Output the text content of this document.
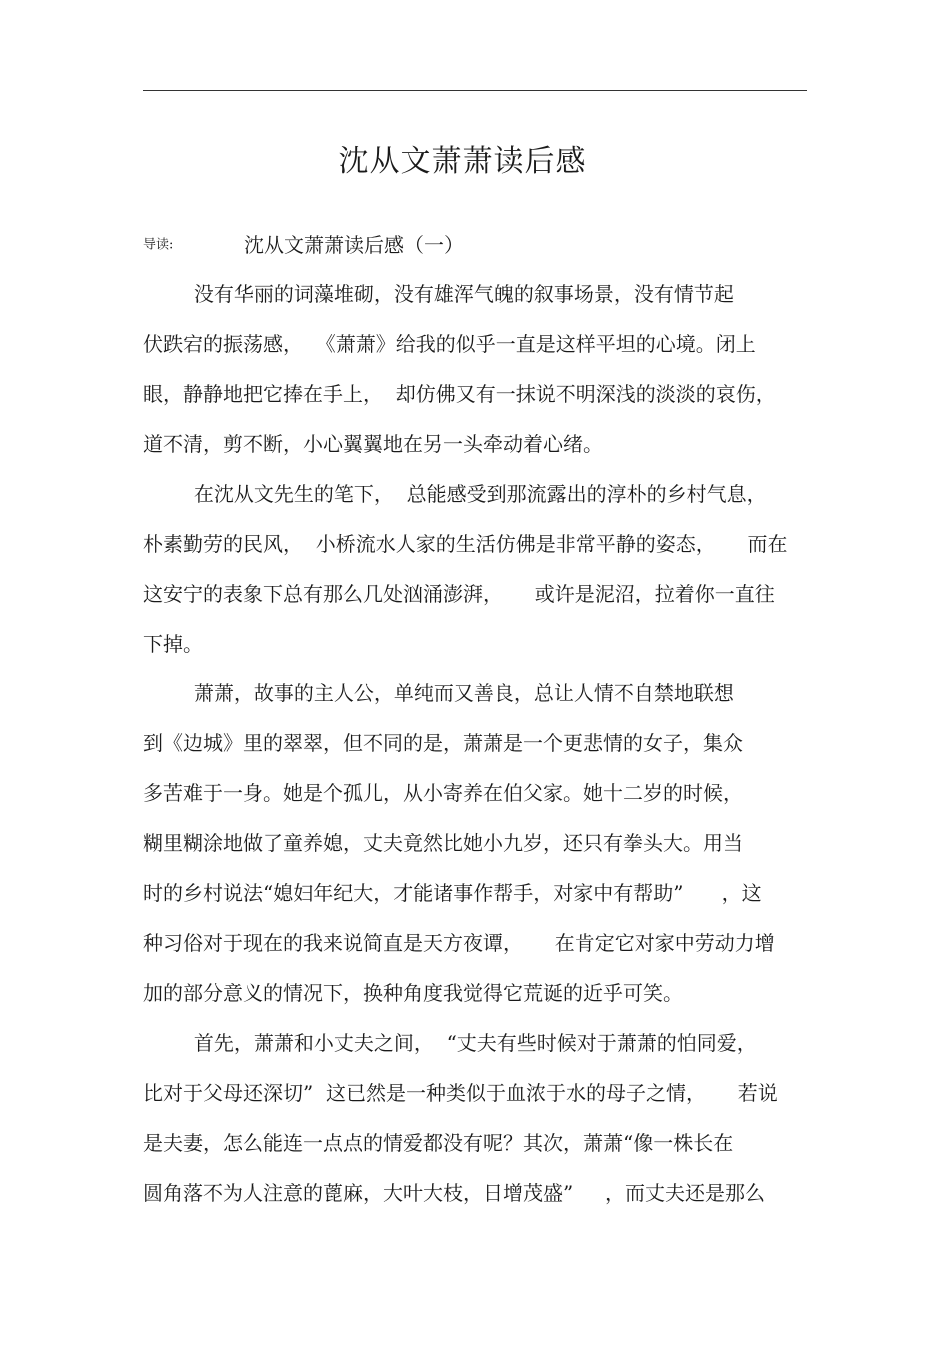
沈从文萧萧读后感
导读:	沈从文萧萧读后感（一）
没有华丽的词藻堆砌，没有雄浑气魄的叙事场景，没有情节起
伏跌宕的振荡感，  《萧萧》给我的似乎一直是这样平坦的心境。闭上
眼，静静地把它捧在手上，  却仿佛又有一抹说不明深浅的淡淡的哀伤，
道不清，剪不断，小心翼翼地在另一头牵动着心绪。
在沈从文先生的笔下，  总能感受到那流露出的淳朴的乡村气息，
朴素勤劳的民风，  小桥流水人家的生活仿佛是非常平静的姿态，     而在
这安宁的表象下总有那么几处汹涌澎湃，     或许是泥沼，拉着你一直往
下掉。
萧萧，故事的主人公，单纯而又善良，总让人情不自禁地联想
到《边城》里的翠翠，但不同的是，萧萧是一个更悲情的女子，集众
多苦难于一身。她是个孤儿，从小寄养在伯父家。她十二岁的时候，
糊里糊涂地做了童养媳，丈夫竟然比她小九岁，还只有拳头大。用当
时的乡村说法“媳妇年纪大，才能诸事作帮手，对家中有帮助”      ，这
种习俗对于现在的我来说简直是天方夜谭，     在肯定它对家中劳动力增
加的部分意义的情况下，换种角度我觉得它荒诞的近乎可笑。
首先，萧萧和小丈夫之间，  “丈夫有些时候对于萧萧的怕同爱，
比对于父母还深切”  这已然是一种类似于血浓于水的母子之情，     若说
是夫妻，怎么能连一点点的情爱都没有呢？其次，萧萧“像一株长在
圆角落不为人注意的蓖麻，大叶大枝，日增茂盛”     ，而丈夫还是那么
